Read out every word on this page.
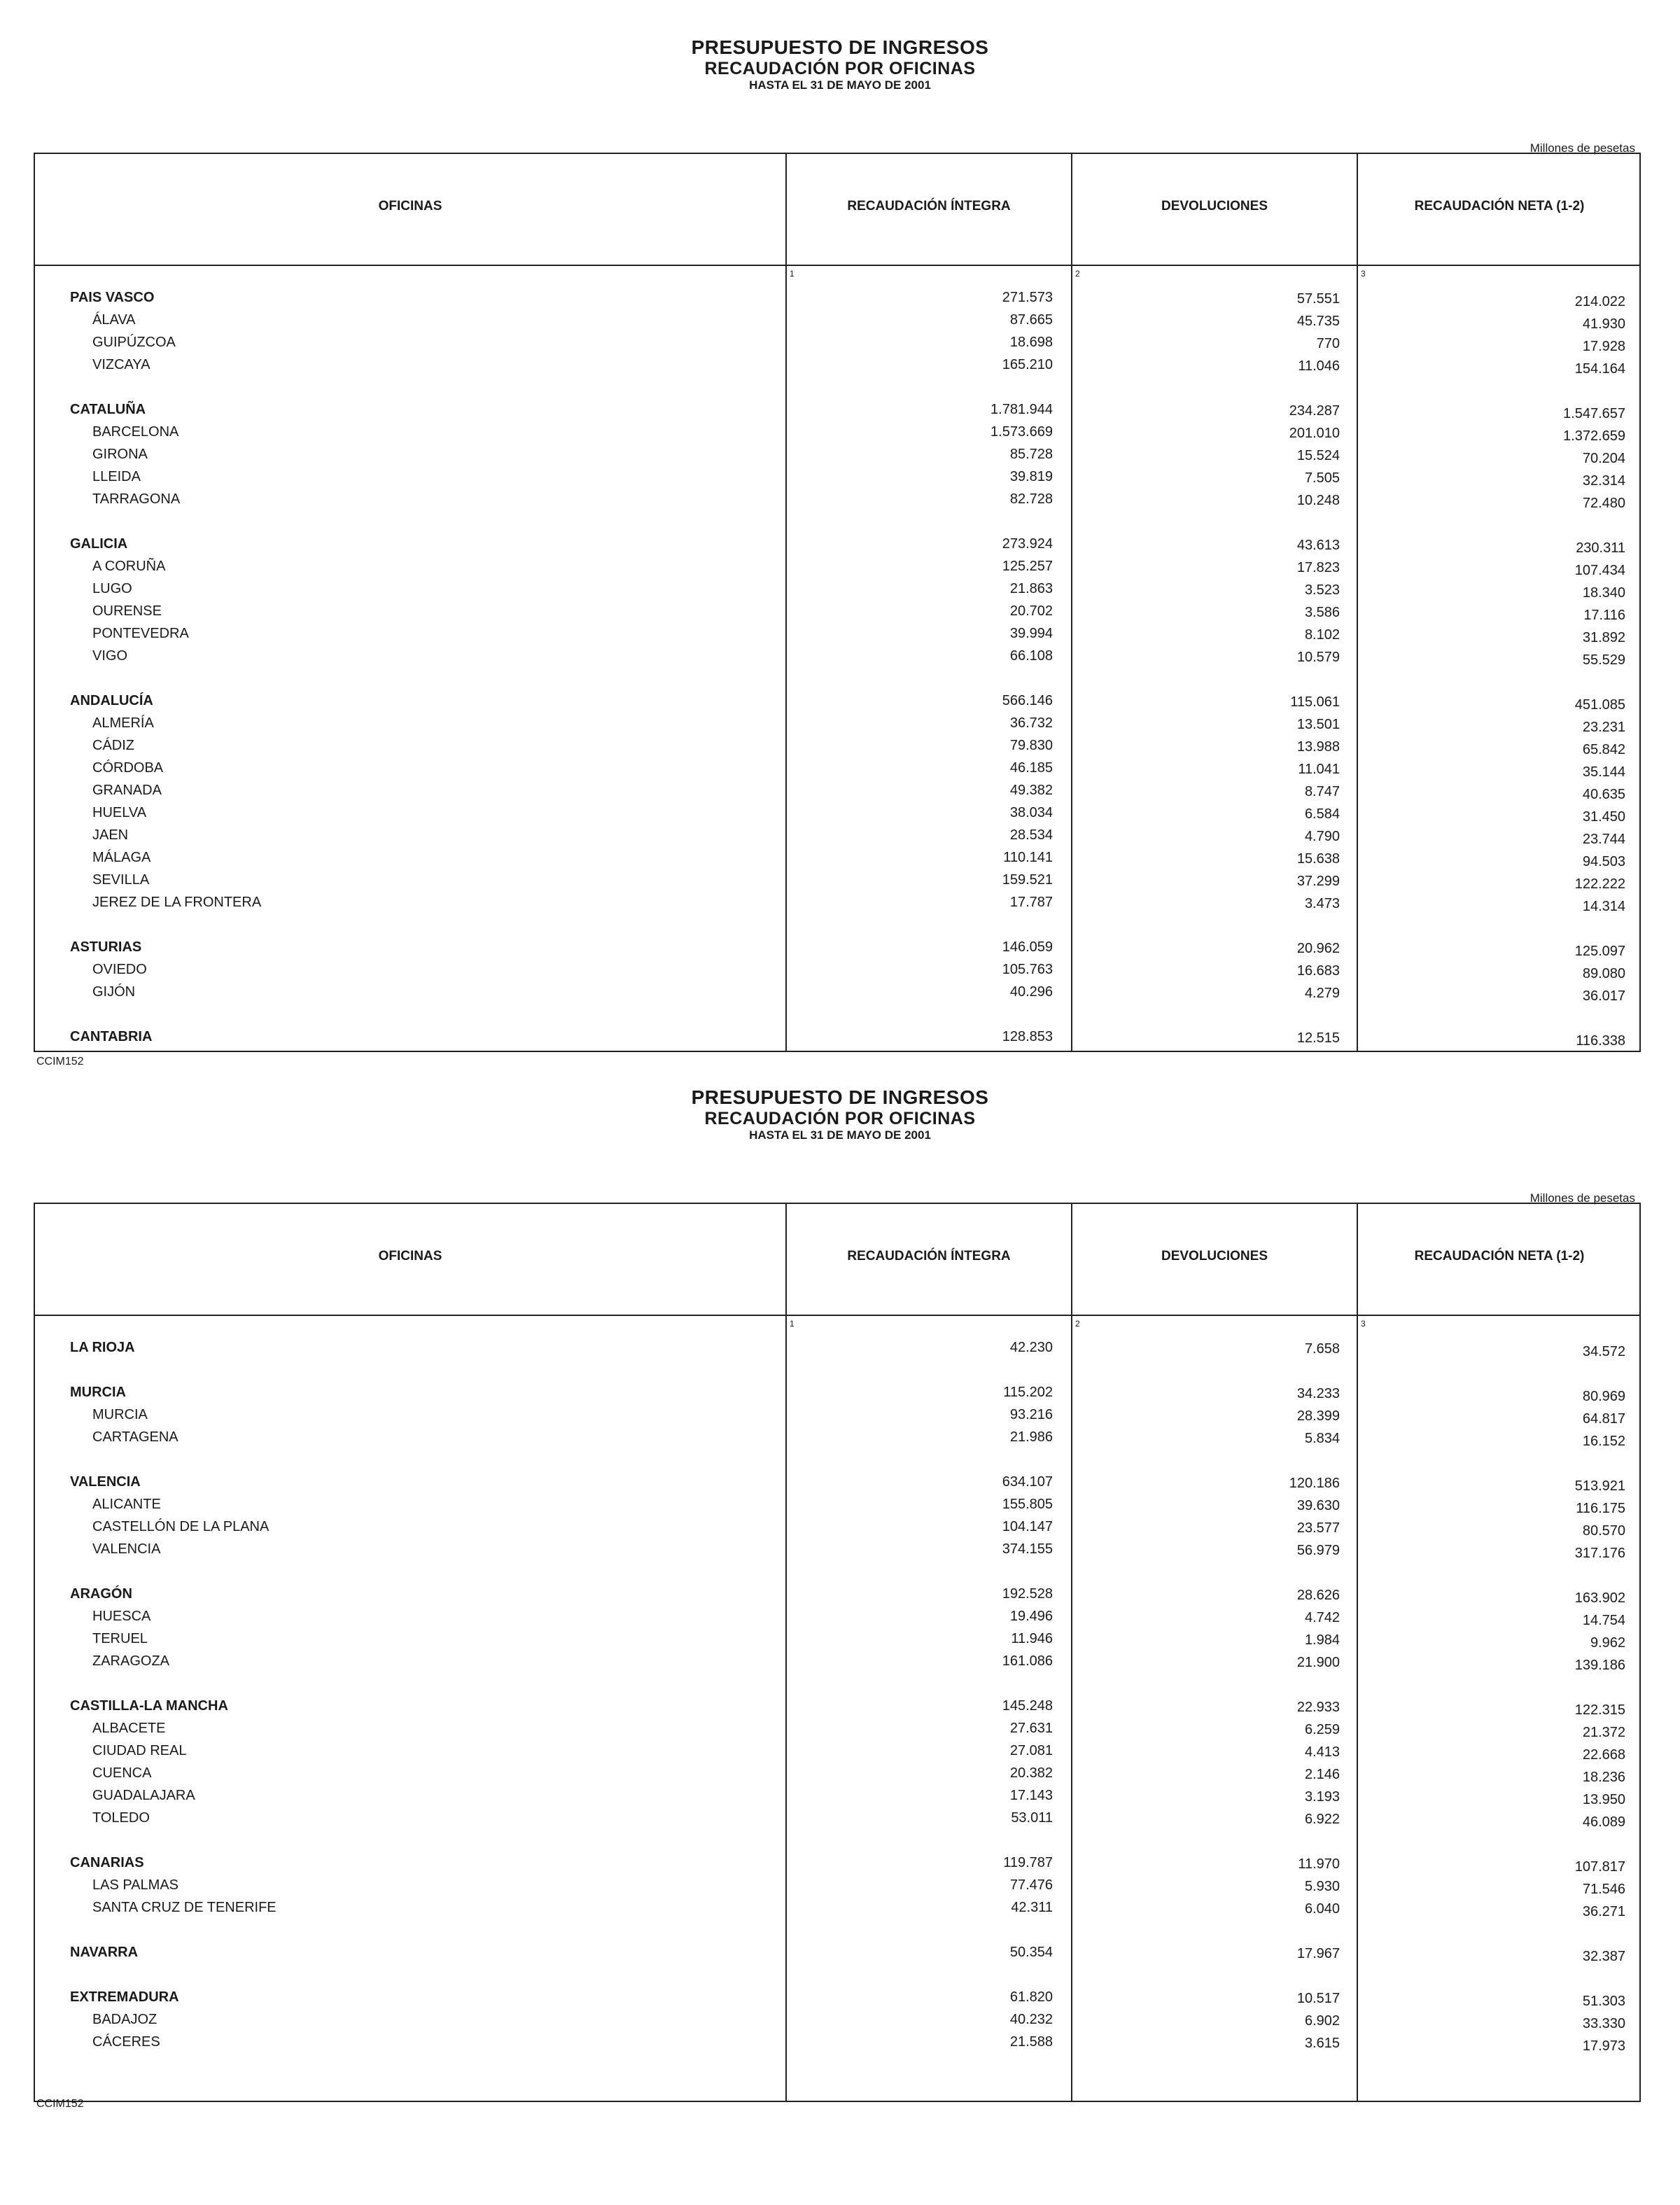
PRESUPUESTO DE INGRESOS
RECAUDACIÓN POR OFICINAS
HASTA EL 31 DE MAYO DE 2001
Millones de pesetas
OFICINAS	RECAUDACIÓN ÍNTEGRA	DEVOLUCIONES	RECAUDACIÓN NETA (1-2)
1	2	3
PAIS VASCO	271.573	57.551	214.022
ÁLAVA	87.665	45.735	41.930
GUIPÚZCOA	18.698	770	17.928
VIZCAYA	165.210	11.046	154.164
CATALUÑA	1.781.944	234.287	1.547.657
BARCELONA	1.573.669	201.010	1.372.659
GIRONA	85.728	15.524	70.204
LLEIDA	39.819	7.505	32.314
TARRAGONA	82.728	10.248	72.480
GALICIA	273.924	43.613	230.311
A CORUÑA	125.257	17.823	107.434
LUGO	21.863	3.523	18.340
OURENSE	20.702	3.586	17.116
PONTEVEDRA	39.994	8.102	31.892
VIGO	66.108	10.579	55.529
ANDALUCÍA	566.146	115.061	451.085
ALMERÍA	36.732	13.501	23.231
CÁDIZ	79.830	13.988	65.842
CÓRDOBA	46.185	11.041	35.144
GRANADA	49.382	8.747	40.635
HUELVA	38.034	6.584	31.450
JAEN	28.534	4.790	23.744
MÁLAGA	110.141	15.638	94.503
SEVILLA	159.521	37.299	122.222
JEREZ DE LA FRONTERA	17.787	3.473	14.314
ASTURIAS	146.059	20.962	125.097
OVIEDO	105.763	16.683	89.080
GIJÓN	40.296	4.279	36.017
CANTABRIA	128.853	12.515	116.338
CCIM152
PRESUPUESTO DE INGRESOS
RECAUDACIÓN POR OFICINAS
HASTA EL 31 DE MAYO DE 2001
Millones de pesetas
OFICINAS	RECAUDACIÓN ÍNTEGRA	DEVOLUCIONES	RECAUDACIÓN NETA (1-2)
1	2	3
LA RIOJA	42.230	7.658	34.572
MURCIA	115.202	34.233	80.969
MURCIA	93.216	28.399	64.817
CARTAGENA	21.986	5.834	16.152
VALENCIA	634.107	120.186	513.921
ALICANTE	155.805	39.630	116.175
CASTELLÓN DE LA PLANA	104.147	23.577	80.570
VALENCIA	374.155	56.979	317.176
ARAGÓN	192.528	28.626	163.902
HUESCA	19.496	4.742	14.754
TERUEL	11.946	1.984	9.962
ZARAGOZA	161.086	21.900	139.186
CASTILLA-LA MANCHA	145.248	22.933	122.315
ALBACETE	27.631	6.259	21.372
CIUDAD REAL	27.081	4.413	22.668
CUENCA	20.382	2.146	18.236
GUADALAJARA	17.143	3.193	13.950
TOLEDO	53.011	6.922	46.089
CANARIAS	119.787	11.970	107.817
LAS PALMAS	77.476	5.930	71.546
SANTA CRUZ DE TENERIFE	42.311	6.040	36.271
NAVARRA	50.354	17.967	32.387
EXTREMADURA	61.820	10.517	51.303
BADAJOZ	40.232	6.902	33.330
CÁCERES	21.588	3.615	17.973
CCIM152
